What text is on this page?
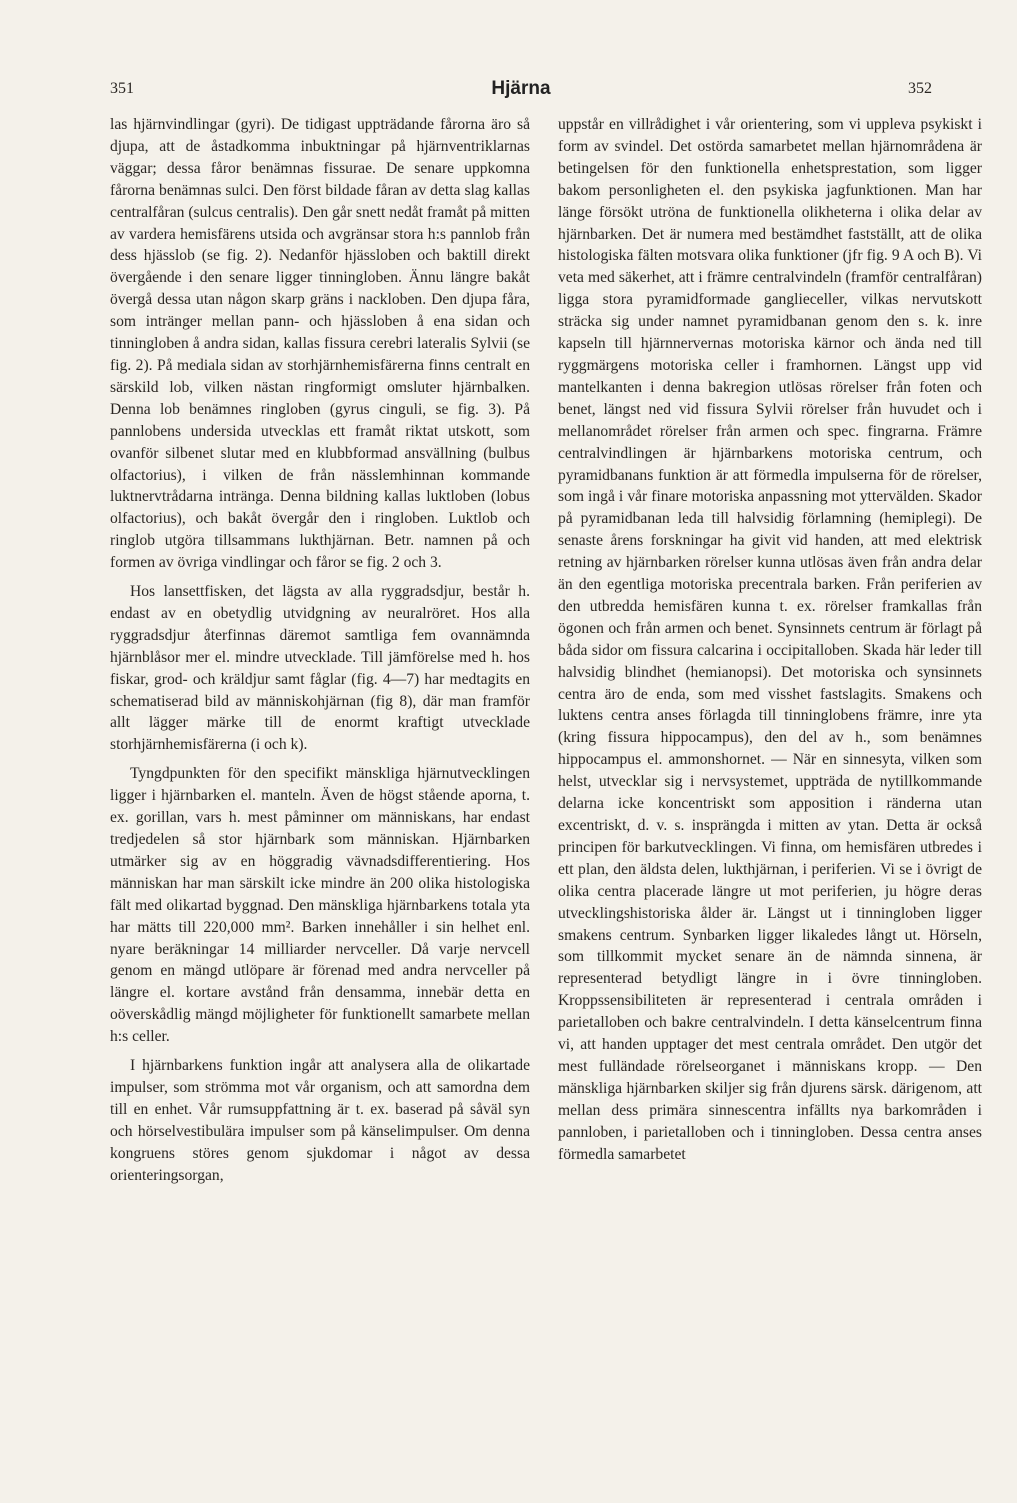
351	Hjärna	352

las hjärnvindlingar (gyri). De tidigast uppträdande fårorna äro så djupa, att de åstadkomma inbuktningar på hjärnventriklarnas väggar; dessa fåror benämnas fissurae. De senare uppkomna fårorna benämnas sulci. Den först bildade fåran av detta slag kallas centralfåran (sulcus centralis). Den går snett nedåt framåt på mitten av vardera hemisfärens utsida och avgränsar stora h:s pannlob från dess hjässlob (se fig. 2). Nedanför hjässloben och baktill direkt övergående i den senare ligger tinningloben. Ännu längre bakåt övergå dessa utan någon skarp gräns i nackloben. Den djupa fåra, som intränger mellan pann- och hjässloben å ena sidan och tinningloben å andra sidan, kallas fissura cerebri lateralis Sylvii (se fig. 2). På mediala sidan av storhjärnhemisfärerna finns centralt en särskild lob, vilken nästan ringformigt omsluter hjärnbalken. Denna lob benämnes ringloben (gyrus cinguli, se fig. 3). På pannlobens undersida utvecklas ett framåt riktat utskott, som ovanför silbenet slutar med en klubbformad ansvällning (bulbus olfactorius), i vilken de från nässlemhinnan kommande luktnervtrådarna inträngа. Denna bildning kallas luktloben (lobus olfactorius), och bakåt övergår den i ringloben. Luktlob och ringlob utgöra tillsammans lukthjärnan. Betr. namnen på och formen av övriga vindlingar och fåror se fig. 2 och 3.

Hos lansettfisken, det lägsta av alla ryggradsdjur, består h. endast av en obetydlig utvidgning av neuralröret. Hos alla ryggradsdjur återfinnas däremot samtliga fem ovannämnda hjärnblåsor mer el. mindre utvecklade. Till jämförelse med h. hos fiskar, grod- och kräldjur samt fåglar (fig. 4—7) har medtagits en schematiserad bild av människohjärnan (fig 8), där man framför allt lägger märke till de enormt kraftigt utvecklade storhjärnhemisfärerna (i och k).

Tyngdpunkten för den specifikt mänskliga hjärnutvecklingen ligger i hjärnbarken el. manteln. Även de högst stående aporna, t. ex. gorillan, vars h. mest påminner om människans, har endast tredjedelen så stor hjärnbark som människan. Hjärnbarken utmärker sig av en höggradig vävnadsdifferentiering. Hos människan har man särskilt icke mindre än 200 olika histologiska fält med olikartad byggnad. Den mänskliga hjärnbarkens totala yta har mätts till 220,000 mm². Barken innehåller i sin helhet enl. nyare beräkningar 14 milliarder nervceller. Då varje nervcell genom en mängd utlöpare är förenad med andra nervceller på längre el. kortare avstånd från densamma, innebär detta en oöverskådlig mängd möjligheter för funktionellt samarbete mellan h:s celler.

I hjärnbarkens funktion ingår att analysera alla de olikartade impulser, som strömma mot vår organism, och att samordna dem till en enhet. Vår rumsuppfattning är t. ex. baserad på såväl syn och hörselvestibulära impulser som på känselimpulser. Om denna kongruens störes genom sjukdomar i något av dessa orienteringsorgan,

uppstår en villrådighet i vår orientering, som vi uppleva psykiskt i form av svindel. Det ostörda samarbetet mellan hjärnområdena är betingelsen för den funktionella enhetsprestation, som ligger bakom personligheten el. den psykiska jagfunktionen. Man har länge försökt utröna de funktionella olikheterna i olika delar av hjärnbarken. Det är numera med bestämdhet fastställt, att de olika histologiska fälten motsvara olika funktioner (jfr fig. 9 A och B). Vi veta med säkerhet, att i främre centralvindeln (framför centralfåran) ligga stora pyramidformade ganglieceller, vilkas nervutskott sträcka sig under namnet pyramidbanan genom den s. k. inre kapseln till hjärnnervernas motoriska kärnor och ända ned till ryggmärgens motoriska celler i framhornen. Längst upp vid mantelkanten i denna bakregion utlösas rörelser från foten och benet, längst ned vid fissura Sylvii rörelser från huvudet och i mellanområdet rörelser från armen och spec. fingrarna. Främre centralvindlingen är hjärnbarkens motoriska centrum, och pyramidbanans funktion är att förmedla impulserna för de rörelser, som ingå i vår finare motoriska anpassning mot yttervälden. Skador på pyramidbanan leda till halvsidig förlamning (hemiplegi). De senaste årens forskningar ha givit vid handen, att med elektrisk retning av hjärnbarken rörelser kunna utlösas även från andra delar än den egentliga motoriska precentrala barken. Från periferien av den utbredda hemisfären kunna t. ex. rörelser framkallas från ögonen och från armen och benet. Synsinnets centrum är förlagt på båda sidor om fissura calcarina i occipitalloben. Skada här leder till halvsidig blindhet (hemianopsi). Det motoriska och synsinnets centra äro de enda, som med visshet fastslagits. Smakens och luktens centra anses förlagda till tinninglobens främre, inre yta (kring fissura hippocampus), den del av h., som benämnes hippocampus el. ammonshornet. — När en sinnesyta, vilken som helst, utvecklar sig i nervsystemet, uppträda de nytillkommande delarna icke koncentriskt som apposition i rändernа utan excentriskt, d. v. s. insprängda i mitten av ytan. Detta är också principen för barkutvecklingen. Vi finna, om hemisfären utbredes i ett plan, den äldsta delen, lukthjärnan, i periferien. Vi se i övrigt de olika centra placerade längre ut mot periferien, ju högre deras utvecklingshistoriska ålder är. Längst ut i tinningloben ligger smakens centrum. Synbarken ligger likaledes långt ut. Hörseln, som tillkommit mycket senare än de nämnda sinnena, är representerad betydligt längre in i övre tinningloben. Kroppssensibiliteten är representerad i centrala områden i parietalloben och bakre centralvindeln. I detta känselcentrum finna vi, att handen upptager det mest centrala området. Den utgör det mest fulländade rörelseorganet i människans kropp. — Den mänskliga hjärnbarken skiljer sig från djurens särsk. därigenom, att mellan dess primära sinnescentra infällts nya barkområden i pannloben, i parietalloben och i tinningloben. Dessa centra anses förmedla samarbetet
